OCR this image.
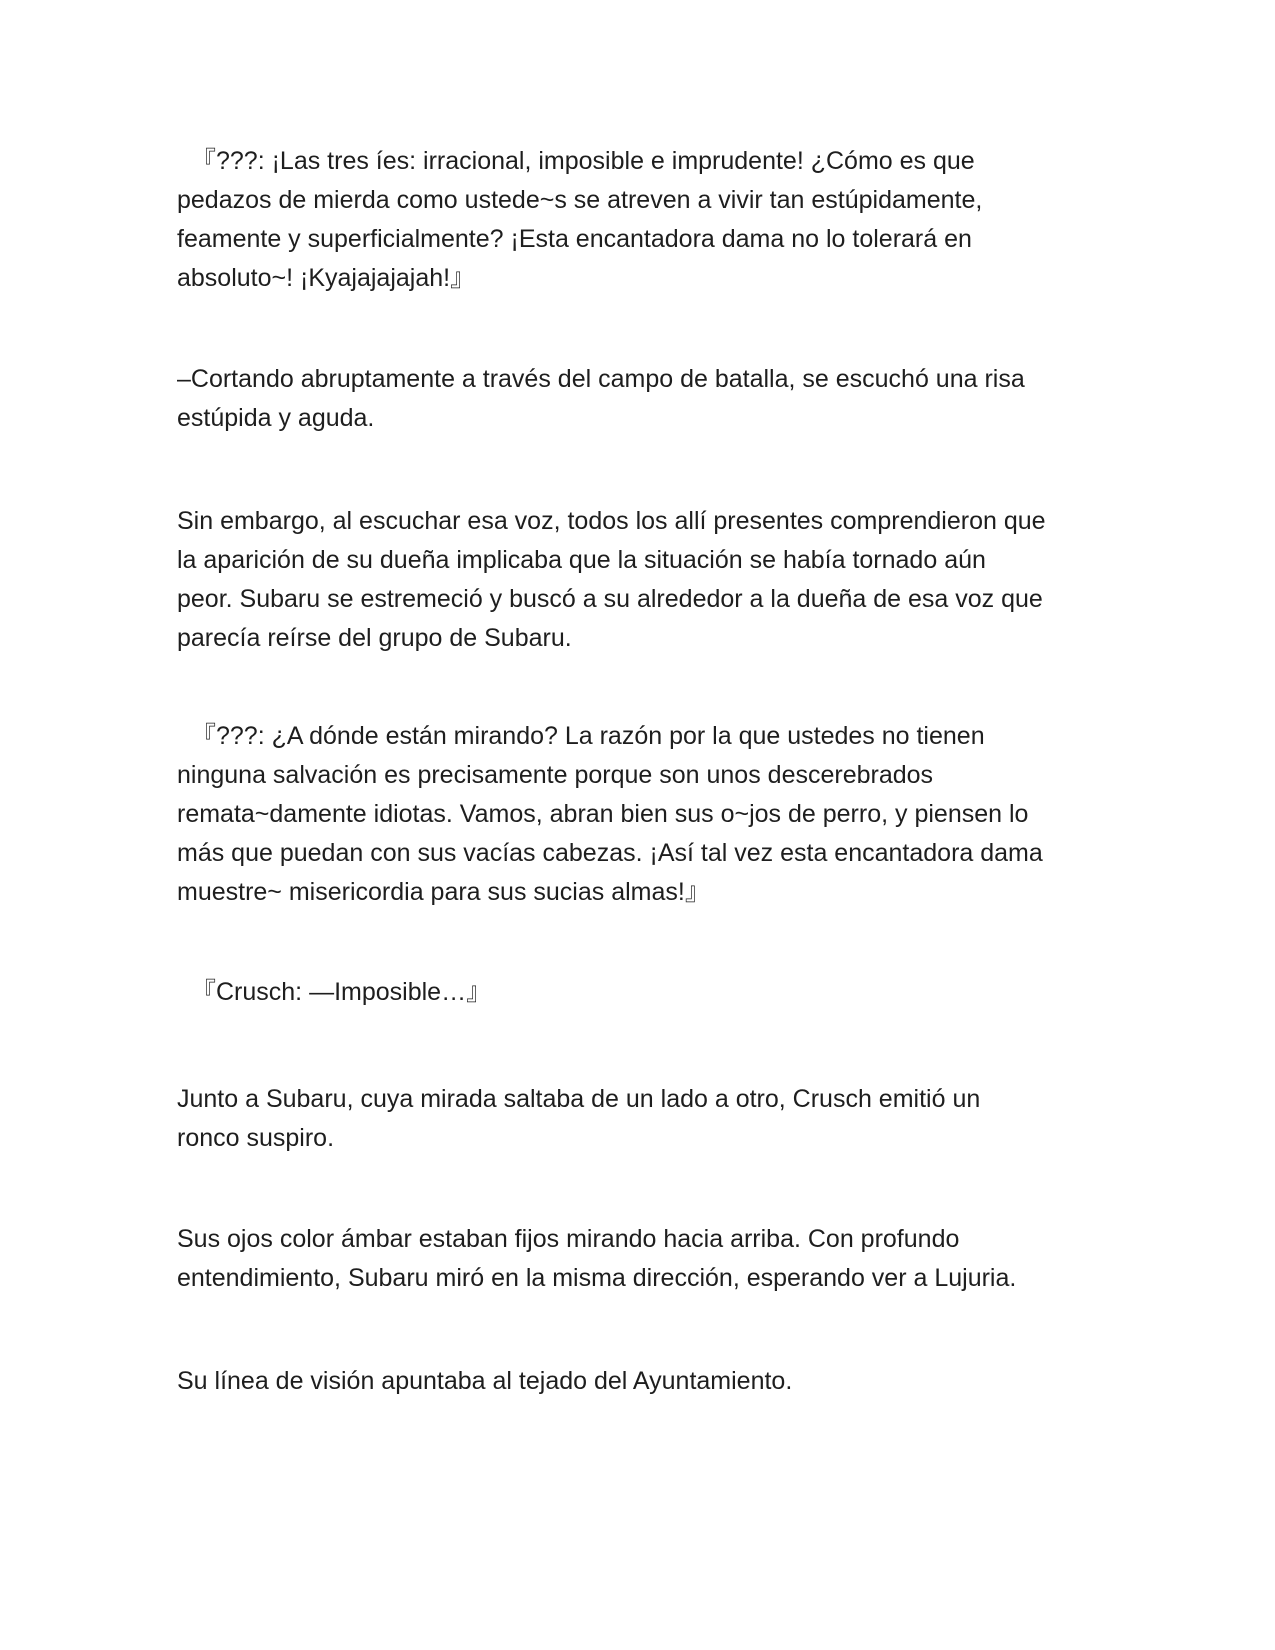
『???: ¡Las tres íes: irracional, imposible e imprudente! ¿Cómo es que
pedazos de mierda como ustede~s se atreven a vivir tan estúpidamente,
feamente y superficialmente? ¡Esta encantadora dama no lo tolerará en
absoluto~! ¡Kyajajajajah!』

–Cortando abruptamente a través del campo de batalla, se escuchó una risa
estúpida y aguda.

Sin embargo, al escuchar esa voz, todos los allí presentes comprendieron que
la aparición de su dueña implicaba que la situación se había tornado aún
peor. Subaru se estremeció y buscó a su alrededor a la dueña de esa voz que
parecía reírse del grupo de Subaru.

『???: ¿A dónde están mirando? La razón por la que ustedes no tienen
ninguna salvación es precisamente porque son unos descerebrados
remata~damente idiotas. Vamos, abran bien sus o~jos de perro, y piensen lo
más que puedan con sus vacías cabezas. ¡Así tal vez esta encantadora dama
muestre~ misericordia para sus sucias almas!』

『Crusch: —Imposible…』

Junto a Subaru, cuya mirada saltaba de un lado a otro, Crusch emitió un
ronco suspiro.

Sus ojos color ámbar estaban fijos mirando hacia arriba. Con profundo
entendimiento, Subaru miró en la misma dirección, esperando ver a Lujuria.

Su línea de visión apuntaba al tejado del Ayuntamiento.
